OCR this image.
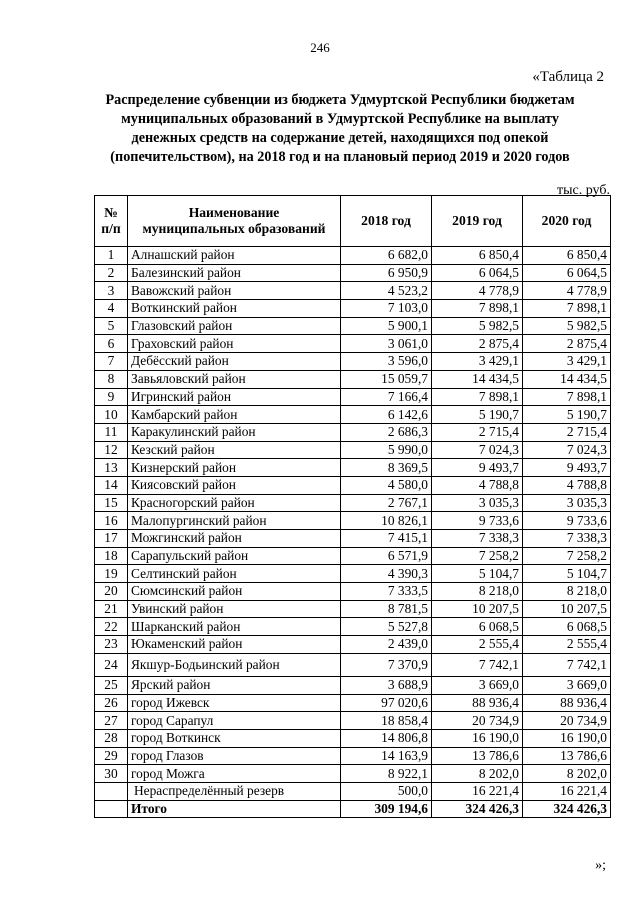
246
«Таблица 2
Распределение субвенции из бюджета Удмуртской Республики бюджетам
муниципальных образований в Удмуртской Республике на выплату
денежных средств на содержание детей, находящихся под опекой
(попечительством), на 2018 год и на плановый период 2019 и 2020 годов
тыс. руб.
№
п/п	Наименование
муниципальных образований	2018 год	2019 год	2020 год
1	Алнашский район	6 682,0	6 850,4	6 850,4
2	Балезинский район	6 950,9	6 064,5	6 064,5
3	Вавожский район	4 523,2	4 778,9	4 778,9
4	Воткинский район	7 103,0	7 898,1	7 898,1
5	Глазовский район	5 900,1	5 982,5	5 982,5
6	Граховский район	3 061,0	2 875,4	2 875,4
7	Дебёсский район	3 596,0	3 429,1	3 429,1
8	Завьяловский район	15 059,7	14 434,5	14 434,5
9	Игринский район	7 166,4	7 898,1	7 898,1
10	Камбарский район	6 142,6	5 190,7	5 190,7
11	Каракулинский район	2 686,3	2 715,4	2 715,4
12	Кезский район	5 990,0	7 024,3	7 024,3
13	Кизнерский район	8 369,5	9 493,7	9 493,7
14	Киясовский район	4 580,0	4 788,8	4 788,8
15	Красногорский район	2 767,1	3 035,3	3 035,3
16	Малопургинский район	10 826,1	9 733,6	9 733,6
17	Можгинский район	7 415,1	7 338,3	7 338,3
18	Сарапульский район	6 571,9	7 258,2	7 258,2
19	Селтинский район	4 390,3	5 104,7	5 104,7
20	Сюмсинский район	7 333,5	8 218,0	8 218,0
21	Увинский район	8 781,5	10 207,5	10 207,5
22	Шарканский район	5 527,8	6 068,5	6 068,5
23	Юкаменский район	2 439,0	2 555,4	2 555,4
24	Якшур-Бодьинский район	7 370,9	7 742,1	7 742,1
25	Ярский район	3 688,9	3 669,0	3 669,0
26	город Ижевск	97 020,6	88 936,4	88 936,4
27	город Сарапул	18 858,4	20 734,9	20 734,9
28	город Воткинск	14 806,8	16 190,0	16 190,0
29	город Глазов	14 163,9	13 786,6	13 786,6
30	город Можга	8 922,1	8 202,0	8 202,0
	Нераспределённый резерв	500,0	16 221,4	16 221,4
	Итого	309 194,6	324 426,3	324 426,3
»;
